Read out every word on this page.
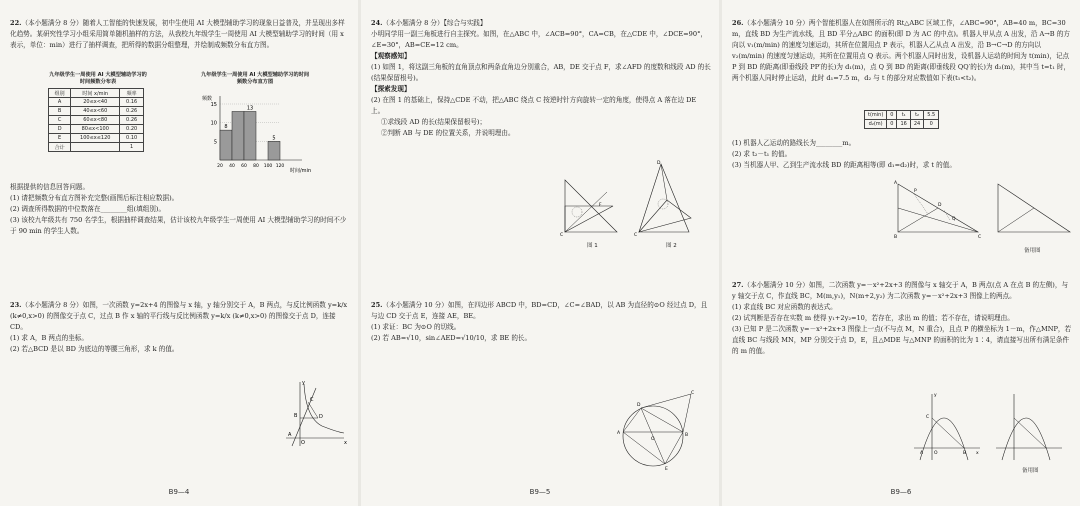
22.（本小题满分 8 分）随着人工智能的快速发展，初中生使用 AI 大模型辅助学习的现象日益普及，并呈现出多样化趋势。某研究性学习小组采用简单随机抽样的方法，从我校九年级学生一周使用 AI 大模型辅助学习的时间（用 x 表示，单位：min）进行了抽样调查，把所得的数据分组整理，并绘制成频数分布直方图。

九年级学生一周使用 AI 大模型辅助学习的时间频数分布表
组别	时间 x/min	频率
A	20≤x<40	0.16
B	40≤x<60	0.26
C	60≤x<80	0.26
D	80≤x<100	0.20
E	100≤x≤120	0.10
合计		1
九年级学生一周使用 AI 大模型辅助学习的时间频数分布直方图
频数
时间/min
5
10
15
20 40 60 80 100 120
8
13
5

根据提供的信息回答问题。

(1) 请把频数分布直方图补充完整(画图后标注相应数据)。

(2) 调查所得数据的中位数落在________组(填组别)。

(3) 该校九年级共有 750 名学生，根据抽样调查结果，估计该校九年级学生一周使用 AI 大模型辅助学习的时间不少于 90 min 的学生人数。

23.（本小题满分 8 分）如图，一次函数 y=2x+4 的图像与 x 轴，y 轴分别交于 A，B 两点，与反比例函数 y=k/x (k≠0,x>0) 的图像交于点 C，过点 B 作 x 轴的平行线与反比例函数 y=k/x (k≠0,x>0) 的图像交于点 D，连接 CD。

(1) 求 A，B 两点的坐标。

(2) 若△BCD 是以 BD 为底边的等腰三角形，求 k 的值。

y
x
O
A
B
C
D
B9—4

24.（本小题满分 8 分）【综合与实践】

小明同学用一副三角板进行自主探究。如图，在△ABC 中，∠ACB=90°，CA=CB，在△CDE 中，∠DCE=90°，∠E=30°，AB=CE=12 cm。

【观察感知】

(1) 如图 1，将这副三角板的直角顶点和两条直角边分别重合，AB，DE 交于点 F，求∠AFD 的度数和线段 AD 的长(结果保留根号)。

【探索发现】

(2) 在图 1 的基础上，保持△CDE 不动，把△ABC 绕点 C 按逆时针方向旋转一定的角度，使得点 A 落在边 DE 上。

①求线段 AD 的长(结果保留根号)；

②判断 AB 与 DE 的位置关系，并说明理由。

F
C
图 1
D
C
图 2

25.（本小题满分 10 分）如图，在四边形 ABCD 中，BD=CD，∠C=∠BAD，以 AB 为直径的⊙O 经过点 D，且与边 CD 交于点 E，连接 AE，BE。

(1) 求证：BC 为⊙O 的切线。

(2) 若 AB=√10，sin∠AED=√10/10，求 BE 的长。

A	B
D
C
E
O
B9—5

26.（本小题满分 10 分）两个智能机器人在如图所示的 Rt△ABC 区域工作，∠ABC=90°，AB=40 m，BC=30 m，直线 BD 为生产流水线，且 BD 平分△ABC 的面积(即 D 为 AC 的中点)。机器人甲从点 A 出发，沿 A→B 的方向以 v₁(m/min) 的速度匀速运动，其所在位置用点 P 表示，机器人乙从点 A 出发，沿 B→C→D 的方向以 v₂(m/min) 的速度匀速运动，其所在位置用点 Q 表示。两个机器人同时出发，设机器人运动的时间为 t(min)，记点 P 到 BD 的距离(即垂线段 PP′的长)为 d₁(m)，点 Q 到 BD 的距离(即垂线段 QQ′的长)为 d₂(m)，其中当 t=t₁ 时，两个机器人同时停止运动，此时 d₁=7.5 m，d₂ 与 t 的部分对应数值如下表(t₁<t₂)。

t(min)	0	t₁	t₂	5.5
d₂(m)	0	16	24	0

(1) 机器人乙运动的路线长为________m。

(2) 求 t₂－t₁ 的值。

(3) 当机器人甲、乙到生产流水线 BD 的距离相等(即 d₁=d₂)时，求 t 的值。

A
B	C
D
P
Q
备用图

27.（本小题满分 10 分）如图，二次函数 y=－x²+2x+3 的图像与 x 轴交于 A，B 两点(点 A 在点 B 的左侧)，与 y 轴交于点 C，作直线 BC，M(m,y₁)，N(m+2,y₂) 为二次函数 y=－x²+2x+3 图像上的两点。

(1) 求直线 BC 对应函数的表达式。

(2) 试判断是否存在实数 m 使得 y₁+2y₂=10，若存在，求出 m 的值；若不存在，请说明理由。

(3) 已知 P 是二次函数 y=－x²+2x+3 图像上一点(不与点 M，N 重合)，且点 P 的横坐标为 1－m，作△MNP，若直线 BC 与线段 MN，MP 分别交于点 D，E，且△MDE 与△MNP 的面积的比为 1∶4，请直接写出所有满足条件的 m 的值。

y
x
A	B
C
O
备用图
B9—6
